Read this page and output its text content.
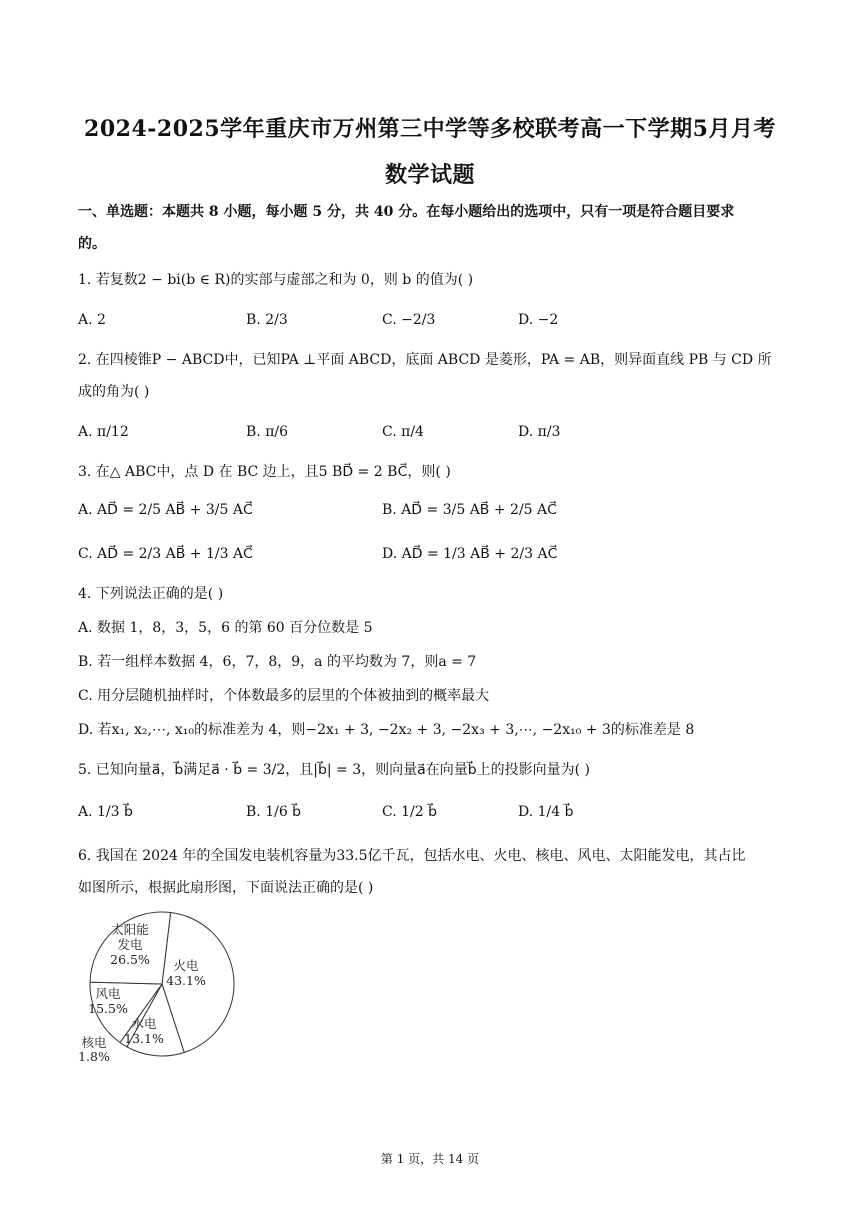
2024-2025学年重庆市万州第三中学等多校联考高一下学期5月月考
数学试题
一、单选题：本题共 8 小题，每小题 5 分，共 40 分。在每小题给出的选项中，只有一项是符合题目要求
的。
1. 若复数2 − bi(b ∈ R)的实部与虚部之和为 0，则 b 的值为( )
A. 2	B. 2/3	C. −2/3	D. −2
2. 在四棱锥P − ABCD中，已知PA ⊥平面 ABCD，底面 ABCD 是菱形，PA = AB，则异面直线 PB 与 CD 所
成的角为( )
A. π/12	B. π/6	C. π/4	D. π/3
3. 在△ ABC中，点 D 在 BC 边上，且5 BD⃗ = 2 BC⃗，则( )
A. AD⃗ = 2/5 AB⃗ + 3/5 AC⃗	B. AD⃗ = 3/5 AB⃗ + 2/5 AC⃗
C. AD⃗ = 2/3 AB⃗ + 1/3 AC⃗	D. AD⃗ = 1/3 AB⃗ + 2/3 AC⃗
4. 下列说法正确的是( )
A. 数据 1，8，3，5，6 的第 60 百分位数是 5
B. 若一组样本数据 4，6，7，8，9，a 的平均数为 7，则a = 7
C. 用分层随机抽样时，个体数最多的层里的个体被抽到的概率最大
D. 若x₁, x₂,⋯, x₁₀的标准差为 4，则−2x₁ + 3, −2x₂ + 3, −2x₃ + 3,⋯, −2x₁₀ + 3的标准差是 8
5. 已知向量a⃗，b⃗满足a⃗ · b⃗ = 3/2，且|b⃗| = 3，则向量a⃗在向量b⃗上的投影向量为( )
A. 1/3 b⃗	B. 1/6 b⃗	C. 1/2 b⃗	D. 1/4 b⃗
6. 我国在 2024 年的全国发电装机容量为33.5亿千瓦，包括水电、火电、核电、风电、太阳能发电，其占比
如图所示，根据此扇形图，下面说法正确的是( )
太阳能
发电
26.5% 火电
43.1%
风电
15.5%
水电
13.1%
核电
1.8%
第 1 页，共 14 页
